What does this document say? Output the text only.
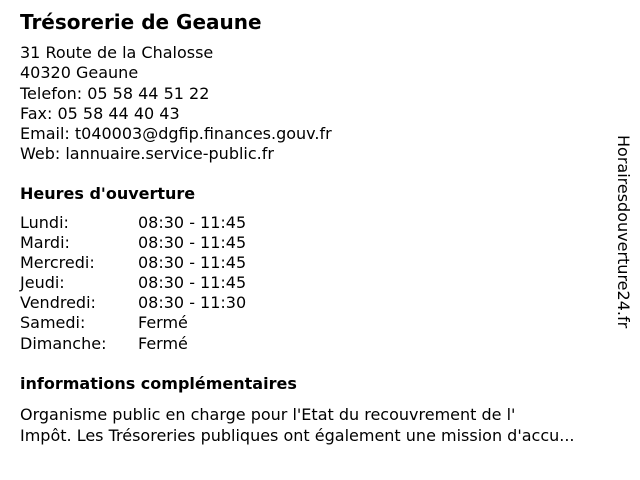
Trésorerie de Geaune
31 Route de la Chalosse
40320 Geaune
Telefon: 05 58 44 51 22
Fax: 05 58 44 40 43
Email: t040003@dgfip.finances.gouv.fr
Web: lannuaire.service-public.fr
Heures d'ouverture
Lundi:	08:30 - 11:45
Mardi:	08:30 - 11:45
Mercredi:	08:30 - 11:45
Jeudi:	08:30 - 11:45
Vendredi:	08:30 - 11:30
Samedi:	Fermé
Dimanche:	Fermé
informations complémentaires
Organisme public en charge pour l'Etat du recouvrement de l'
Impôt. Les Trésoreries publiques ont également une mission d'accu...
Horairesdouverture24.fr
